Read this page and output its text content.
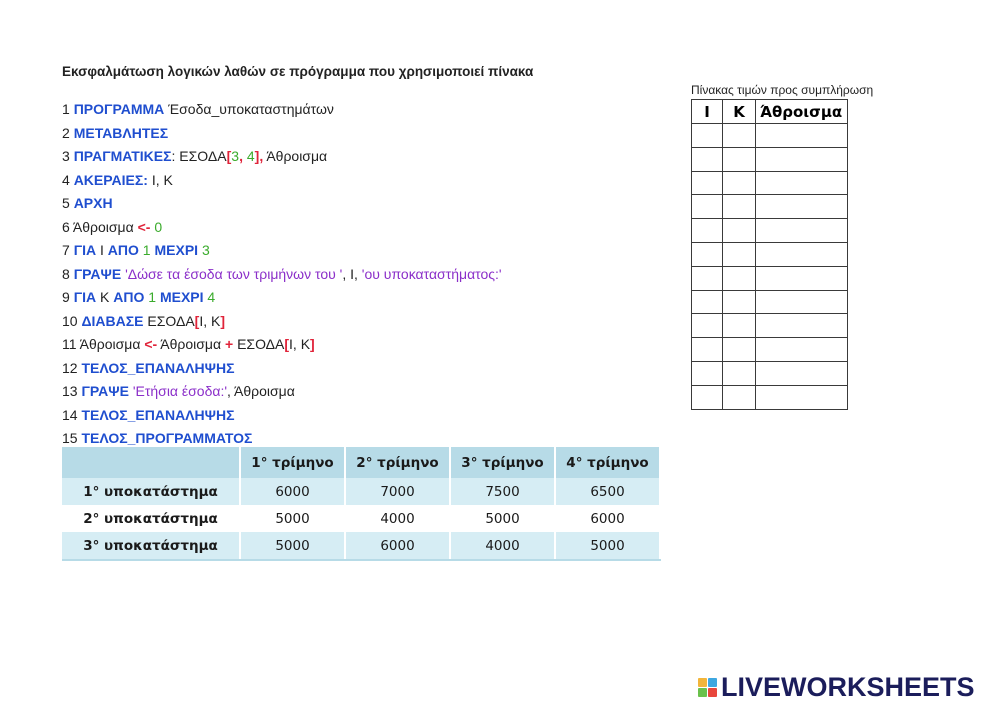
Εκσφαλμάτωση λογικών λαθών σε πρόγραμμα που χρησιμοποιεί πίνακα
1 ΠΡΟΓΡΑΜΜΑ Έσοδα_υποκαταστημάτων
2 ΜΕΤΑΒΛΗΤΕΣ
3 ΠΡΑΓΜΑΤΙΚΕΣ: ΕΣΟΔΑ[3, 4], Άθροισμα
4 ΑΚΕΡΑΙΕΣ: Ι, Κ
5 ΑΡΧΗ
6 Άθροισμα <- 0
7 ΓΙΑ Ι ΑΠΟ 1 ΜΕΧΡΙ 3
8 ΓΡΑΨΕ 'Δώσε τα έσοδα των τριμήνων του ', Ι, 'ου υποκαταστήματος:'
9 ΓΙΑ Κ ΑΠΟ 1 ΜΕΧΡΙ 4
10 ΔΙΑΒΑΣΕ ΕΣΟΔΑ[Ι, Κ]
11 Άθροισμα <- Άθροισμα + ΕΣΟΔΑ[Ι, Κ]
12 ΤΕΛΟΣ_ΕΠΑΝΑΛΗΨΗΣ
13 ΓΡΑΨΕ 'Ετήσια έσοδα:', Άθροισμα
14 ΤΕΛΟΣ_ΕΠΑΝΑΛΗΨΗΣ
15 ΤΕΛΟΣ_ΠΡΟΓΡΑΜΜΑΤΟΣ
	1° τρίμηνο	2° τρίμηνο	3° τρίμηνο	4° τρίμηνο
1° υποκατάστημα	6000	7000	7500	6500
2° υποκατάστημα	5000	4000	5000	6000
3° υποκατάστημα	5000	6000	4000	5000
Πίνακας τιμών προς συμπλήρωση
Ι	Κ	Άθροισμα

LIVEWORKSHEETS
